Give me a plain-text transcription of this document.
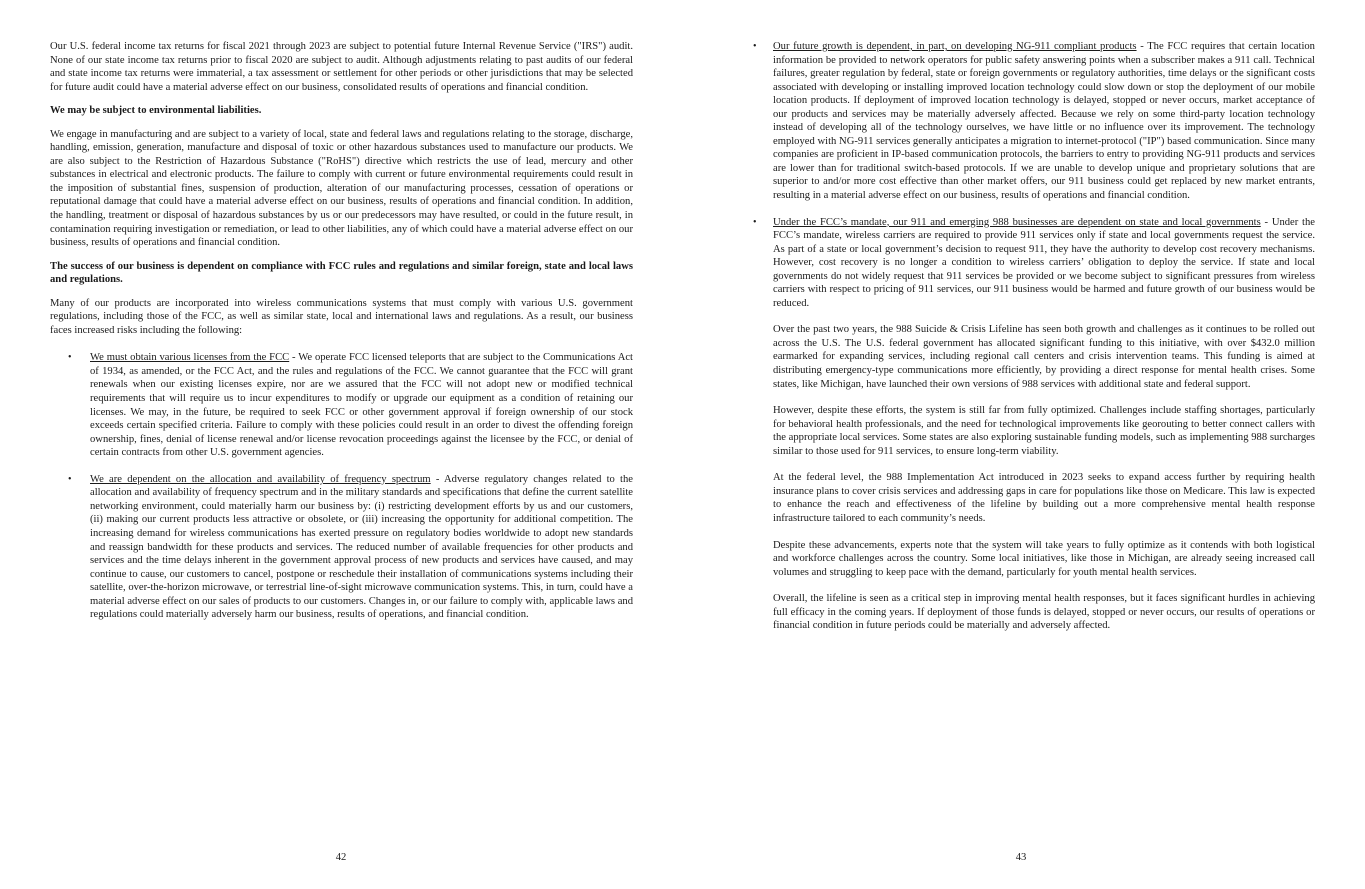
Our U.S. federal income tax returns for fiscal 2021 through 2023 are subject to potential future Internal Revenue Service ("IRS") audit. None of our state income tax returns prior to fiscal 2020 are subject to audit. Although adjustments relating to past audits of our federal and state income tax returns were immaterial, a tax assessment or settlement for other periods or other jurisdictions that may be selected for future audit could have a material adverse effect on our business, consolidated results of operations and financial condition.

We may be subject to environmental liabilities.

We engage in manufacturing and are subject to a variety of local, state and federal laws and regulations relating to the storage, discharge, handling, emission, generation, manufacture and disposal of toxic or other hazardous substances used to manufacture our products. We are also subject to the Restriction of Hazardous Substance ("RoHS") directive which restricts the use of lead, mercury and other substances in electrical and electronic products. The failure to comply with current or future environmental requirements could result in the imposition of substantial fines, suspension of production, alteration of our manufacturing processes, cessation of operations or reputational damage that could have a material adverse effect on our business, results of operations and financial condition. In addition, the handling, treatment or disposal of hazardous substances by us or our predecessors may have resulted, or could in the future result, in contamination requiring investigation or remediation, or lead to other liabilities, any of which could have a material adverse effect on our business, results of operations and financial condition.

The success of our business is dependent on compliance with FCC rules and regulations and similar foreign, state and local laws and regulations.

Many of our products are incorporated into wireless communications systems that must comply with various U.S. government regulations, including those of the FCC, as well as similar state, local and international laws and regulations. As a result, our business faces increased risks including the following:

• We must obtain various licenses from the FCC - We operate FCC licensed teleports that are subject to the Communications Act of 1934, as amended, or the FCC Act, and the rules and regulations of the FCC. We cannot guarantee that the FCC will grant renewals when our existing licenses expire, nor are we assured that the FCC will not adopt new or modified technical requirements that will require us to incur expenditures to modify or upgrade our equipment as a condition of retaining our licenses. We may, in the future, be required to seek FCC or other government approval if foreign ownership of our stock exceeds certain specified criteria. Failure to comply with these policies could result in an order to divest the offending foreign ownership, fines, denial of license renewal and/or license revocation proceedings against the licensee by the FCC, or denial of certain contracts from other U.S. government agencies.
• We are dependent on the allocation and availability of frequency spectrum - Adverse regulatory changes related to the allocation and availability of frequency spectrum and in the military standards and specifications that define the current satellite networking environment, could materially harm our business by: (i) restricting development efforts by us and our customers, (ii) making our current products less attractive or obsolete, or (iii) increasing the opportunity for additional competition. The increasing demand for wireless communications has exerted pressure on regulatory bodies worldwide to adopt new standards and reassign bandwidth for these products and services. The reduced number of available frequencies for other products and services and the time delays inherent in the government approval process of new products and services have caused, and may continue to cause, our customers to cancel, postpone or reschedule their installation of communications systems including their satellite, over-the-horizon microwave, or terrestrial line-of-sight microwave communication systems. This, in turn, could have a material adverse effect on our sales of products to our customers. Changes in, or our failure to comply with, applicable laws and regulations could materially adversely harm our business, results of operations, and financial condition.
42
• Our future growth is dependent, in part, on developing NG-911 compliant products - The FCC requires that certain location information be provided to network operators for public safety answering points when a subscriber makes a 911 call. Technical failures, greater regulation by federal, state or foreign governments or regulatory authorities, time delays or the significant costs associated with developing or installing improved location technology could slow down or stop the deployment of our mobile location products. If deployment of improved location technology is delayed, stopped or never occurs, market acceptance of our products and services may be materially adversely affected. Because we rely on some third-party location technology instead of developing all of the technology ourselves, we have little or no influence over its improvement. The technology employed with NG-911 services generally anticipates a migration to internet-protocol ("IP") based communication. Since many companies are proficient in IP-based communication protocols, the barriers to entry to providing NG-911 products and services are lower than for traditional switch-based protocols. If we are unable to develop unique and proprietary solutions that are superior to and/or more cost effective than other market offers, our 911 business could get replaced by new market entrants, resulting in a material adverse effect on our business, results of operations and financial condition.
• Under the FCC’s mandate, our 911 and emerging 988 businesses are dependent on state and local governments - Under the FCC’s mandate, wireless carriers are required to provide 911 services only if state and local governments request the service. As part of a state or local government’s decision to request 911, they have the authority to develop cost recovery mechanisms. However, cost recovery is no longer a condition to wireless carriers’ obligation to deploy the service. If state and local governments do not widely request that 911 services be provided or we become subject to significant pressures from wireless carriers with respect to pricing of 911 services, our 911 business would be harmed and future growth of our business would be reduced.

Over the past two years, the 988 Suicide & Crisis Lifeline has seen both growth and challenges as it continues to be rolled out across the U.S. The U.S. federal government has allocated significant funding to this initiative, with over $432.0 million earmarked for expanding services, including regional call centers and crisis intervention teams. This funding is aimed at distributing emergency-type communications more efficiently, by providing a direct response for mental health crises. Some states, like Michigan, have launched their own versions of 988 services with additional state and federal support.

However, despite these efforts, the system is still far from fully optimized. Challenges include staffing shortages, particularly for behavioral health professionals, and the need for technological improvements like georouting to better connect callers with the appropriate local services. Some states are also exploring sustainable funding models, such as implementing 988 surcharges similar to those used for 911 services, to ensure long-term viability.

At the federal level, the 988 Implementation Act introduced in 2023 seeks to expand access further by requiring health insurance plans to cover crisis services and addressing gaps in care for populations like those on Medicare. This law is expected to enhance the reach and effectiveness of the lifeline by building out a more comprehensive mental health response infrastructure tailored to each community’s needs.

Despite these advancements, experts note that the system will take years to fully optimize as it contends with both logistical and workforce challenges across the country. Some local initiatives, like those in Michigan, are already seeing increased call volumes and struggling to keep pace with the demand, particularly for youth mental health services.

Overall, the lifeline is seen as a critical step in improving mental health responses, but it faces significant hurdles in achieving full efficacy in the coming years. If deployment of those funds is delayed, stopped or never occurs, our results of operations or financial condition in future periods could be materially and adversely affected.

43
